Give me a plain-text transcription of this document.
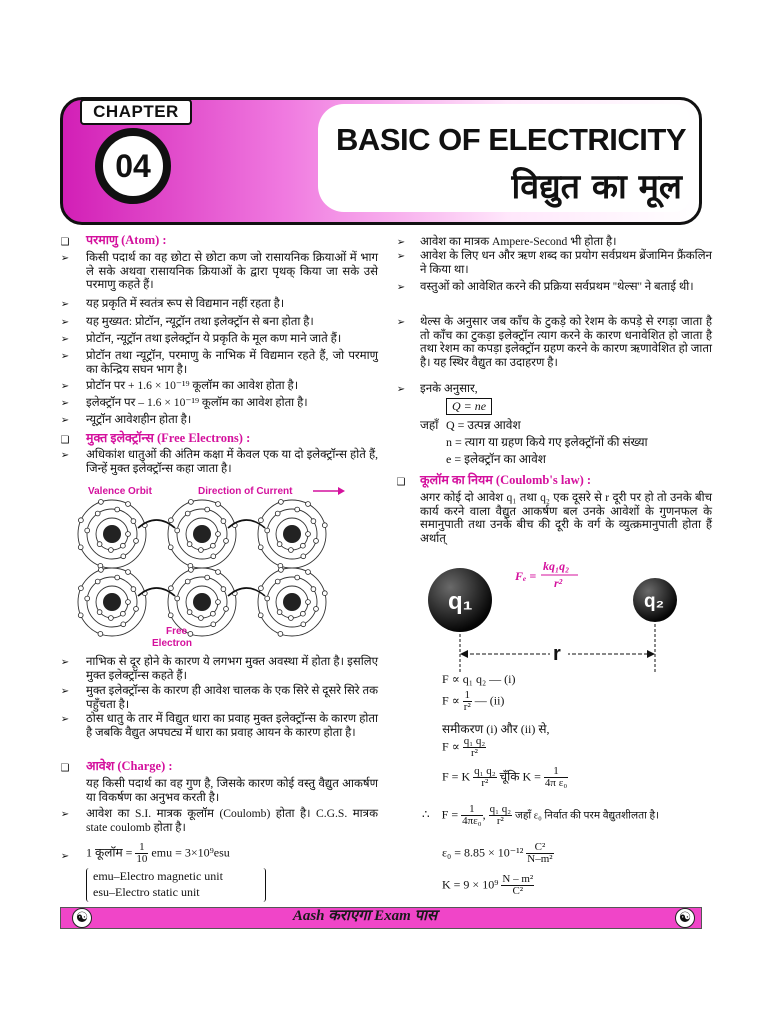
CHAPTER
04
BASIC OF ELECTRICITY
विद्युत का मूल
❑ परमाणु (Atom) :
➢ किसी पदार्थ का वह छोटा से छोटा कण जो रासायनिक क्रियाओं में भाग ले सके अथवा रासायनिक क्रियाओं के द्वारा पृथक् किया जा सके उसे परमाणु कहते हैं।
➢ यह प्रकृति में स्वतंत्र रूप से विद्यमान नहीं रहता है।
➢ यह मुख्यत: प्रोटॉन, न्यूट्रॉन तथा इलेक्ट्रॉन से बना होता है।
➢ प्रोटॉन, न्यूट्रॉन तथा इलेक्ट्रॉन ये प्रकृति के मूल कण माने जाते हैं।
➢ प्रोटॉन तथा न्यूट्रॉन, परमाणु के नाभिक में विद्यमान रहते हैं, जो परमाणु का केन्द्रिय सघन भाग है।
➢ प्रोटॉन पर + 1.6 × 10⁻¹⁹ कूलॉम का आवेश होता है।
➢ इलेक्ट्रॉन पर – 1.6 × 10⁻¹⁹ कूलॉम का आवेश होता है।
➢ न्यूट्रॉन आवेशहीन होता है।
❑ मुक्त इलेक्ट्रॉन्स (Free Electrons) :
➢ अधिकांश धातुओं की अंतिम कक्षा में केवल एक या दो इलेक्ट्रॉन्स होते हैं, जिन्हें मुक्त इलेक्ट्रॉन्स कहा जाता है।
Valence Orbit	Direction of Current
Free
Electron
➢ नाभिक से दूर होने के कारण ये लगभग मुक्त अवस्था में होता है। इसलिए मुक्त इलेक्ट्रॉन्स कहते हैं।
➢ मुक्त इलेक्ट्रॉन्स के कारण ही आवेश चालक के एक सिरे से दूसरे सिरे तक पहुँचता है।
➢ ठोस धातु के तार में विद्युत धारा का प्रवाह मुक्त इलेक्ट्रॉन्स के कारण होता है जबकि वैद्युत अपघट्य में धारा का प्रवाह आयन के कारण होता है।
❑ आवेश (Charge) :
यह किसी पदार्थ का वह गुण है, जिसके कारण कोई वस्तु वैद्युत आकर्षण या विकर्षण का अनुभव करती है।
➢ आवेश का S.I. मात्रक कूलॉम (Coulomb) होता है। C.G.S. मात्रक state coulomb होता है।
➢ 1 कूलॉम = $\frac{1}{10}$ emu = 3×10⁹esu
emu–Electro magnetic unit
esu–Electro static unit
➢ आवेश का मात्रक Ampere-Second भी होता है।
➢ आवेश के लिए धन और ऋण शब्द का प्रयोग सर्वप्रथम ब्रेंजामिन फ्रैंकलिन ने किया था।
➢ वस्तुओं को आवेशित करने की प्रक्रिया सर्वप्रथम ''थेल्स'' ने बताई थी।
➢ थेल्स के अनुसार जब काँच के टुकड़े को रेशम के कपड़े से रगड़ा जाता है तो काँच का टुकड़ा इलेक्ट्रॉन त्याग करने के कारण धनावेशित हो जाता है तथा रेशम का कपड़ा इलेक्ट्रॉन ग्रहण करने के कारण ऋणावेशित हो जाता है। यह स्थिर वैद्युत का उदाहरण है।
➢ इनके अनुसार,
Q = ne
जहाँ Q = उत्पन्न आवेश
n = त्याग या ग्रहण किये गए इलेक्ट्रॉनों की संख्या
e = इलेक्ट्रॉन का आवेश
❑ कूलॉम का नियम (Coulomb's law) :
अगर कोई दो आवेश q₁ तथा q₂ एक दूसरे से r दूरी पर हो तो उनके बीच कार्य करने वाला वैद्युत आकर्षण बल उनके आवेशों के गुणनफल के समानुपाती तथा उनके बीच की दूरी के वर्ग के व्युत्क्रमानुपाती होता हैं अर्थात्
q₁	q₂
r
Fₑ =
kq₁q₂
r²
F ∝ q₁ q₂ — (i)
$F \propto \frac{1}{\text{r²}}$ — (ii)
समीकरण (i) और (ii) से,
$F \propto \frac{\text{q₁ q₂}}{\text{r²}}$
F = K $\frac{\text{q₁ q₂}}{\text{r²}}$ चूँकि $K = \frac{1}{\text{4π ε₀}}$
∴ $F = \frac{1}{\text{4πε₀}}$ , $\frac{\text{q₁ q₂}}{\text{r²}}$ जहाँ ε₀ निर्वात की परम वैद्युतशीलता है।
$\varepsilon_0 = 8.85 \times 10^{-12} \frac{\text{C²}}{\text{N–m²}}$
$K = 9 \times 10^9 \frac{\text{N – m²}}{\text{C²}}$
☯	☯
Aash कराएगा Exam पास
